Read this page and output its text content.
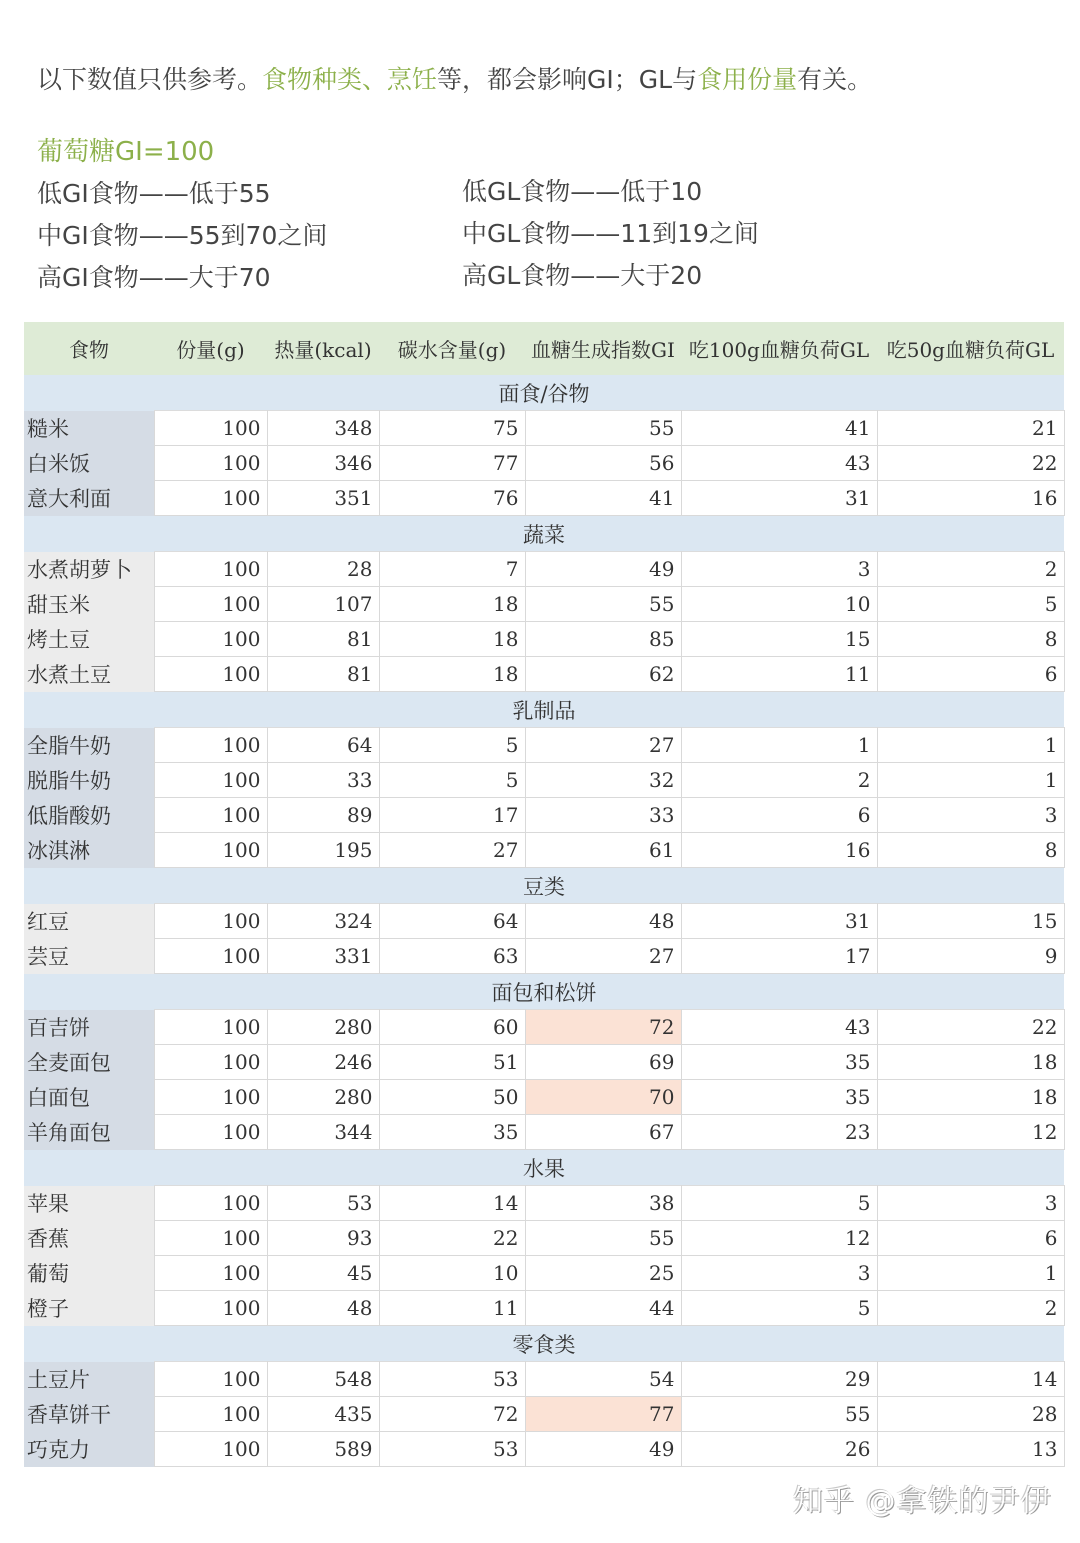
以下数值只供参考。食物种类、烹饪等，都会影响GI；GL与食用份量有关。
葡萄糖GI=100
低GI食物——低于55
中GI食物——55到70之间
高GI食物——大于70
低GL食物——低于10
中GL食物——11到19之间
高GL食物——大于20
食物	份量(g)	热量(kcal)	碳水含量(g)	血糖生成指数GI	吃100g血糖负荷GL	吃50g血糖负荷GL
面食/谷物						
糙米	100	348	75	55	41	21
白米饭	100	346	77	56	43	22
意大利面	100	351	76	41	31	16
蔬菜						
水煮胡萝卜	100	28	7	49	3	2
甜玉米	100	107	18	55	10	5
烤土豆	100	81	18	85	15	8
水煮土豆	100	81	18	62	11	6
乳制品						
全脂牛奶	100	64	5	27	1	1
脱脂牛奶	100	33	5	32	2	1
低脂酸奶	100	89	17	33	6	3
冰淇淋	100	195	27	61	16	8
豆类						
红豆	100	324	64	48	31	15
芸豆	100	331	63	27	17	9
面包和松饼						
百吉饼	100	280	60	72	43	22
全麦面包	100	246	51	69	35	18
白面包	100	280	50	70	35	18
羊角面包	100	344	35	67	23	12
水果						
苹果	100	53	14	38	5	3
香蕉	100	93	22	55	12	6
葡萄	100	45	10	25	3	1
橙子	100	48	11	44	5	2
零食类						
土豆片	100	548	53	54	29	14
香草饼干	100	435	72	77	55	28
巧克力	100	589	53	49	26	13
知乎 @拿铁的尹伊
